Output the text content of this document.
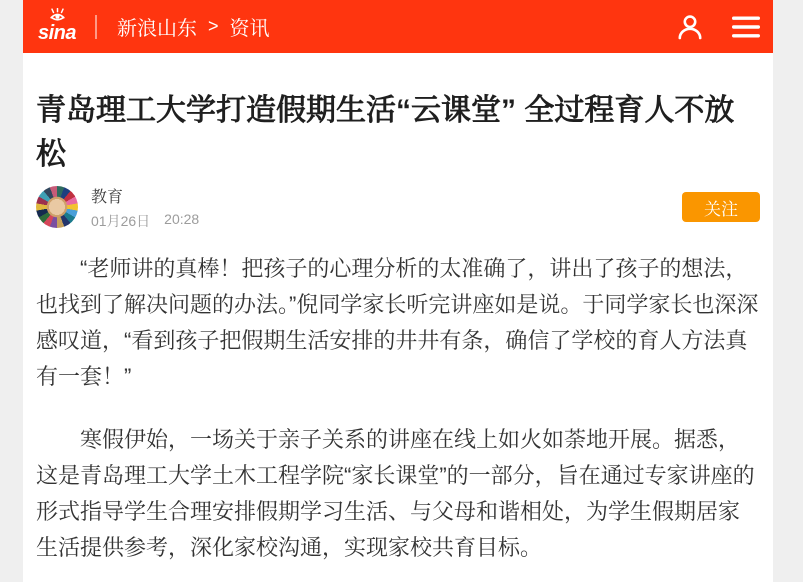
sina 新浪山东 > 资讯
青岛理工大学打造假期生活“云课堂” 全过程育人不放松
教育
01月26日 20:28	关注

“老师讲的真棒！把孩子的心理分析的太准确了，讲出了孩子的想法，也找到了解决问题的办法。”倪同学家长听完讲座如是说。于同学家长也深深感叹道，“看到孩子把假期生活安排的井井有条，确信了学校的育人方法真有一套！”

寒假伊始，一场关于亲子关系的讲座在线上如火如荼地开展。据悉，这是青岛理工大学土木工程学院“家长课堂”的一部分，旨在通过专家讲座的形式指导学生合理安排假期学习生活、与父母和谐相处，为学生假期居家生活提供参考，深化家校沟通，实现家校共育目标。
